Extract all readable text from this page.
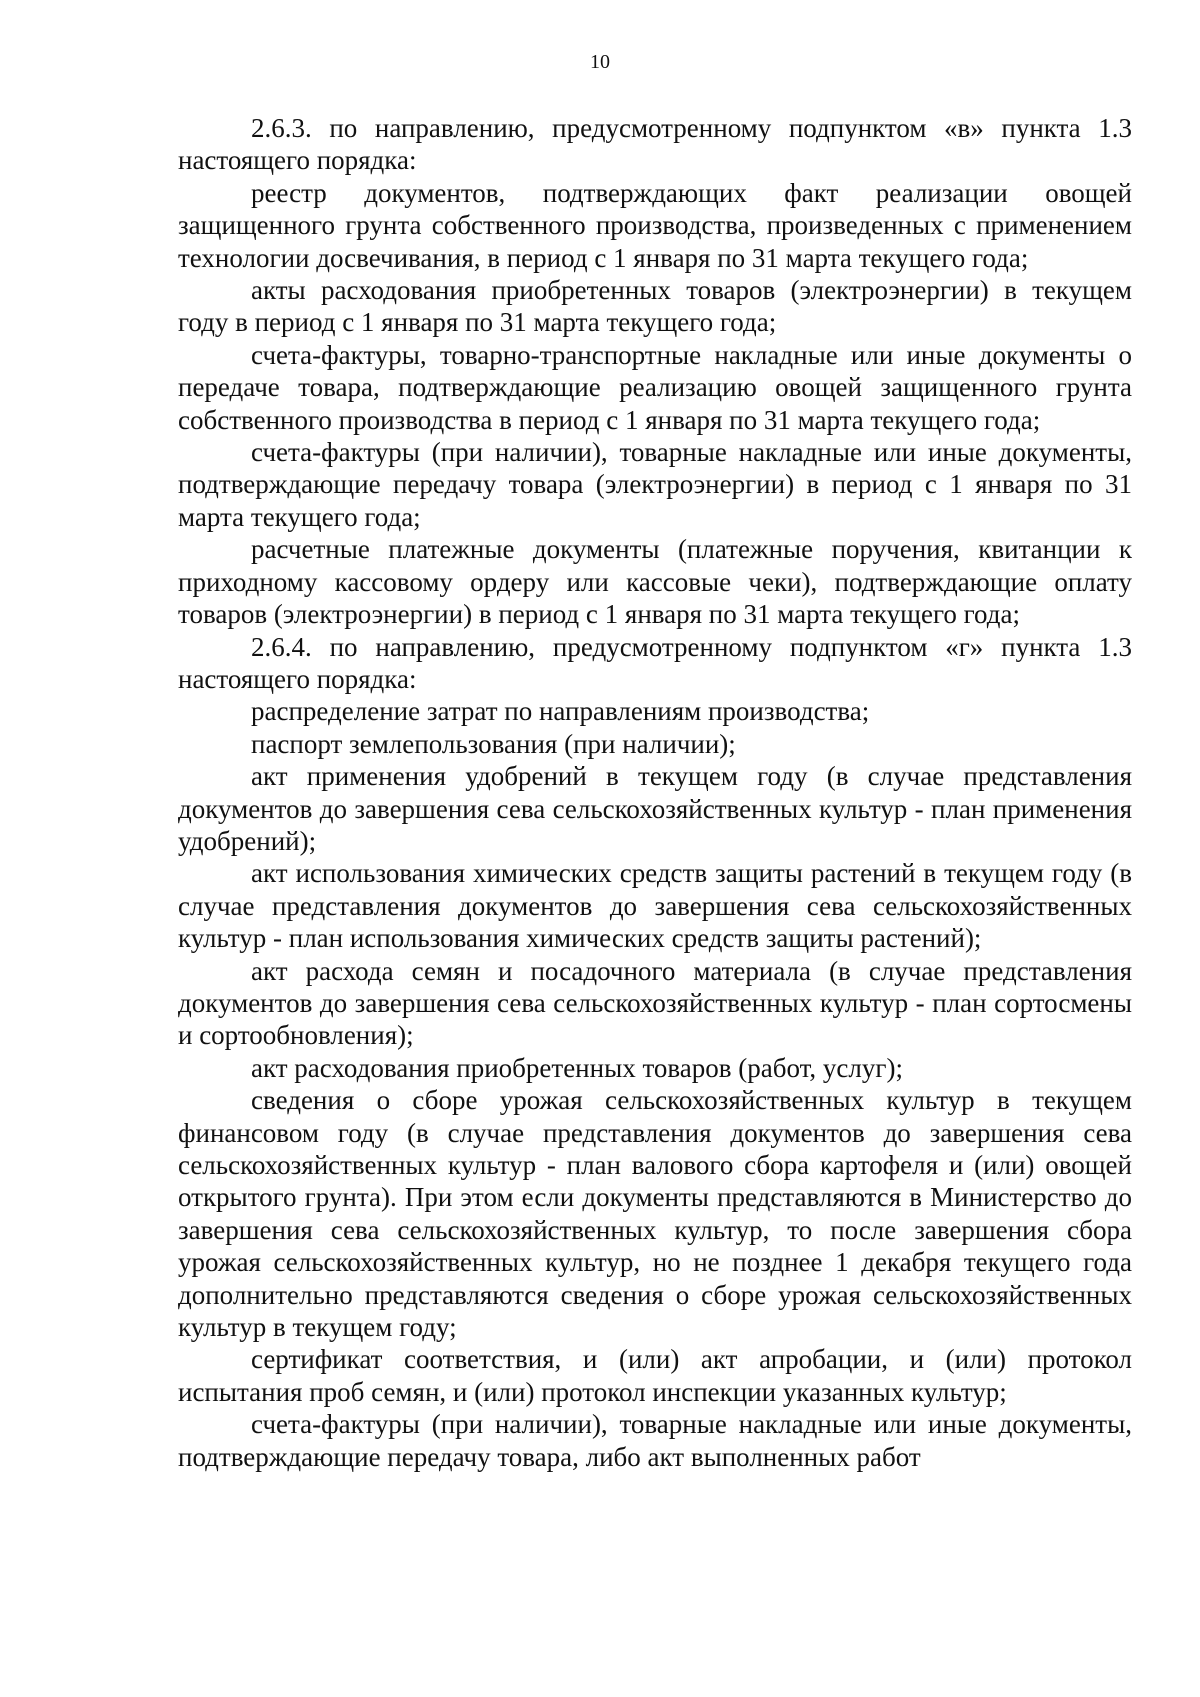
10

2.6.3. по направлению, предусмотренному подпунктом «в» пункта 1.3 настоящего порядка:

реестр документов, подтверждающих факт реализации овощей защищенного грунта собственного производства, произведенных с применением технологии досвечивания, в период с 1 января по 31 марта текущего года;

акты расходования приобретенных товаров (электроэнергии) в текущем году в период с 1 января по 31 марта текущего года;

счета-фактуры, товарно-транспортные накладные или иные документы о передаче товара, подтверждающие реализацию овощей защищенного грунта собственного производства в период с 1 января по 31 марта текущего года;

счета-фактуры (при наличии), товарные накладные или иные документы, подтверждающие передачу товара (электроэнергии) в период с 1 января по 31 марта текущего года;

расчетные платежные документы (платежные поручения, квитанции к приходному кассовому ордеру или кассовые чеки), подтверждающие оплату товаров (электроэнергии) в период с 1 января по 31 марта текущего года;

2.6.4. по направлению, предусмотренному подпунктом «г» пункта 1.3 настоящего порядка:

распределение затрат по направлениям производства;

паспорт землепользования (при наличии);

акт применения удобрений в текущем году (в случае представления документов до завершения сева сельскохозяйственных культур - план применения удобрений);

акт использования химических средств защиты растений в текущем году (в случае представления документов до завершения сева сельскохозяйственных культур - план использования химических средств защиты растений);

акт расхода семян и посадочного материала (в случае представления документов до завершения сева сельскохозяйственных культур - план сортосмены и сортообновления);

акт расходования приобретенных товаров (работ, услуг);

сведения о сборе урожая сельскохозяйственных культур в текущем финансовом году (в случае представления документов до завершения сева сельскохозяйственных культур - план валового сбора картофеля и (или) овощей открытого грунта). При этом если документы представляются в Министерство до завершения сева сельскохозяйственных культур, то после завершения сбора урожая сельскохозяйственных культур, но не позднее 1 декабря текущего года дополнительно представляются сведения о сборе урожая сельскохозяйственных культур в текущем году;

сертификат соответствия, и (или) акт апробации, и (или) протокол испытания проб семян, и (или) протокол инспекции указанных культур;

счета-фактуры (при наличии), товарные накладные или иные документы, подтверждающие передачу товара, либо акт выполненных работ
